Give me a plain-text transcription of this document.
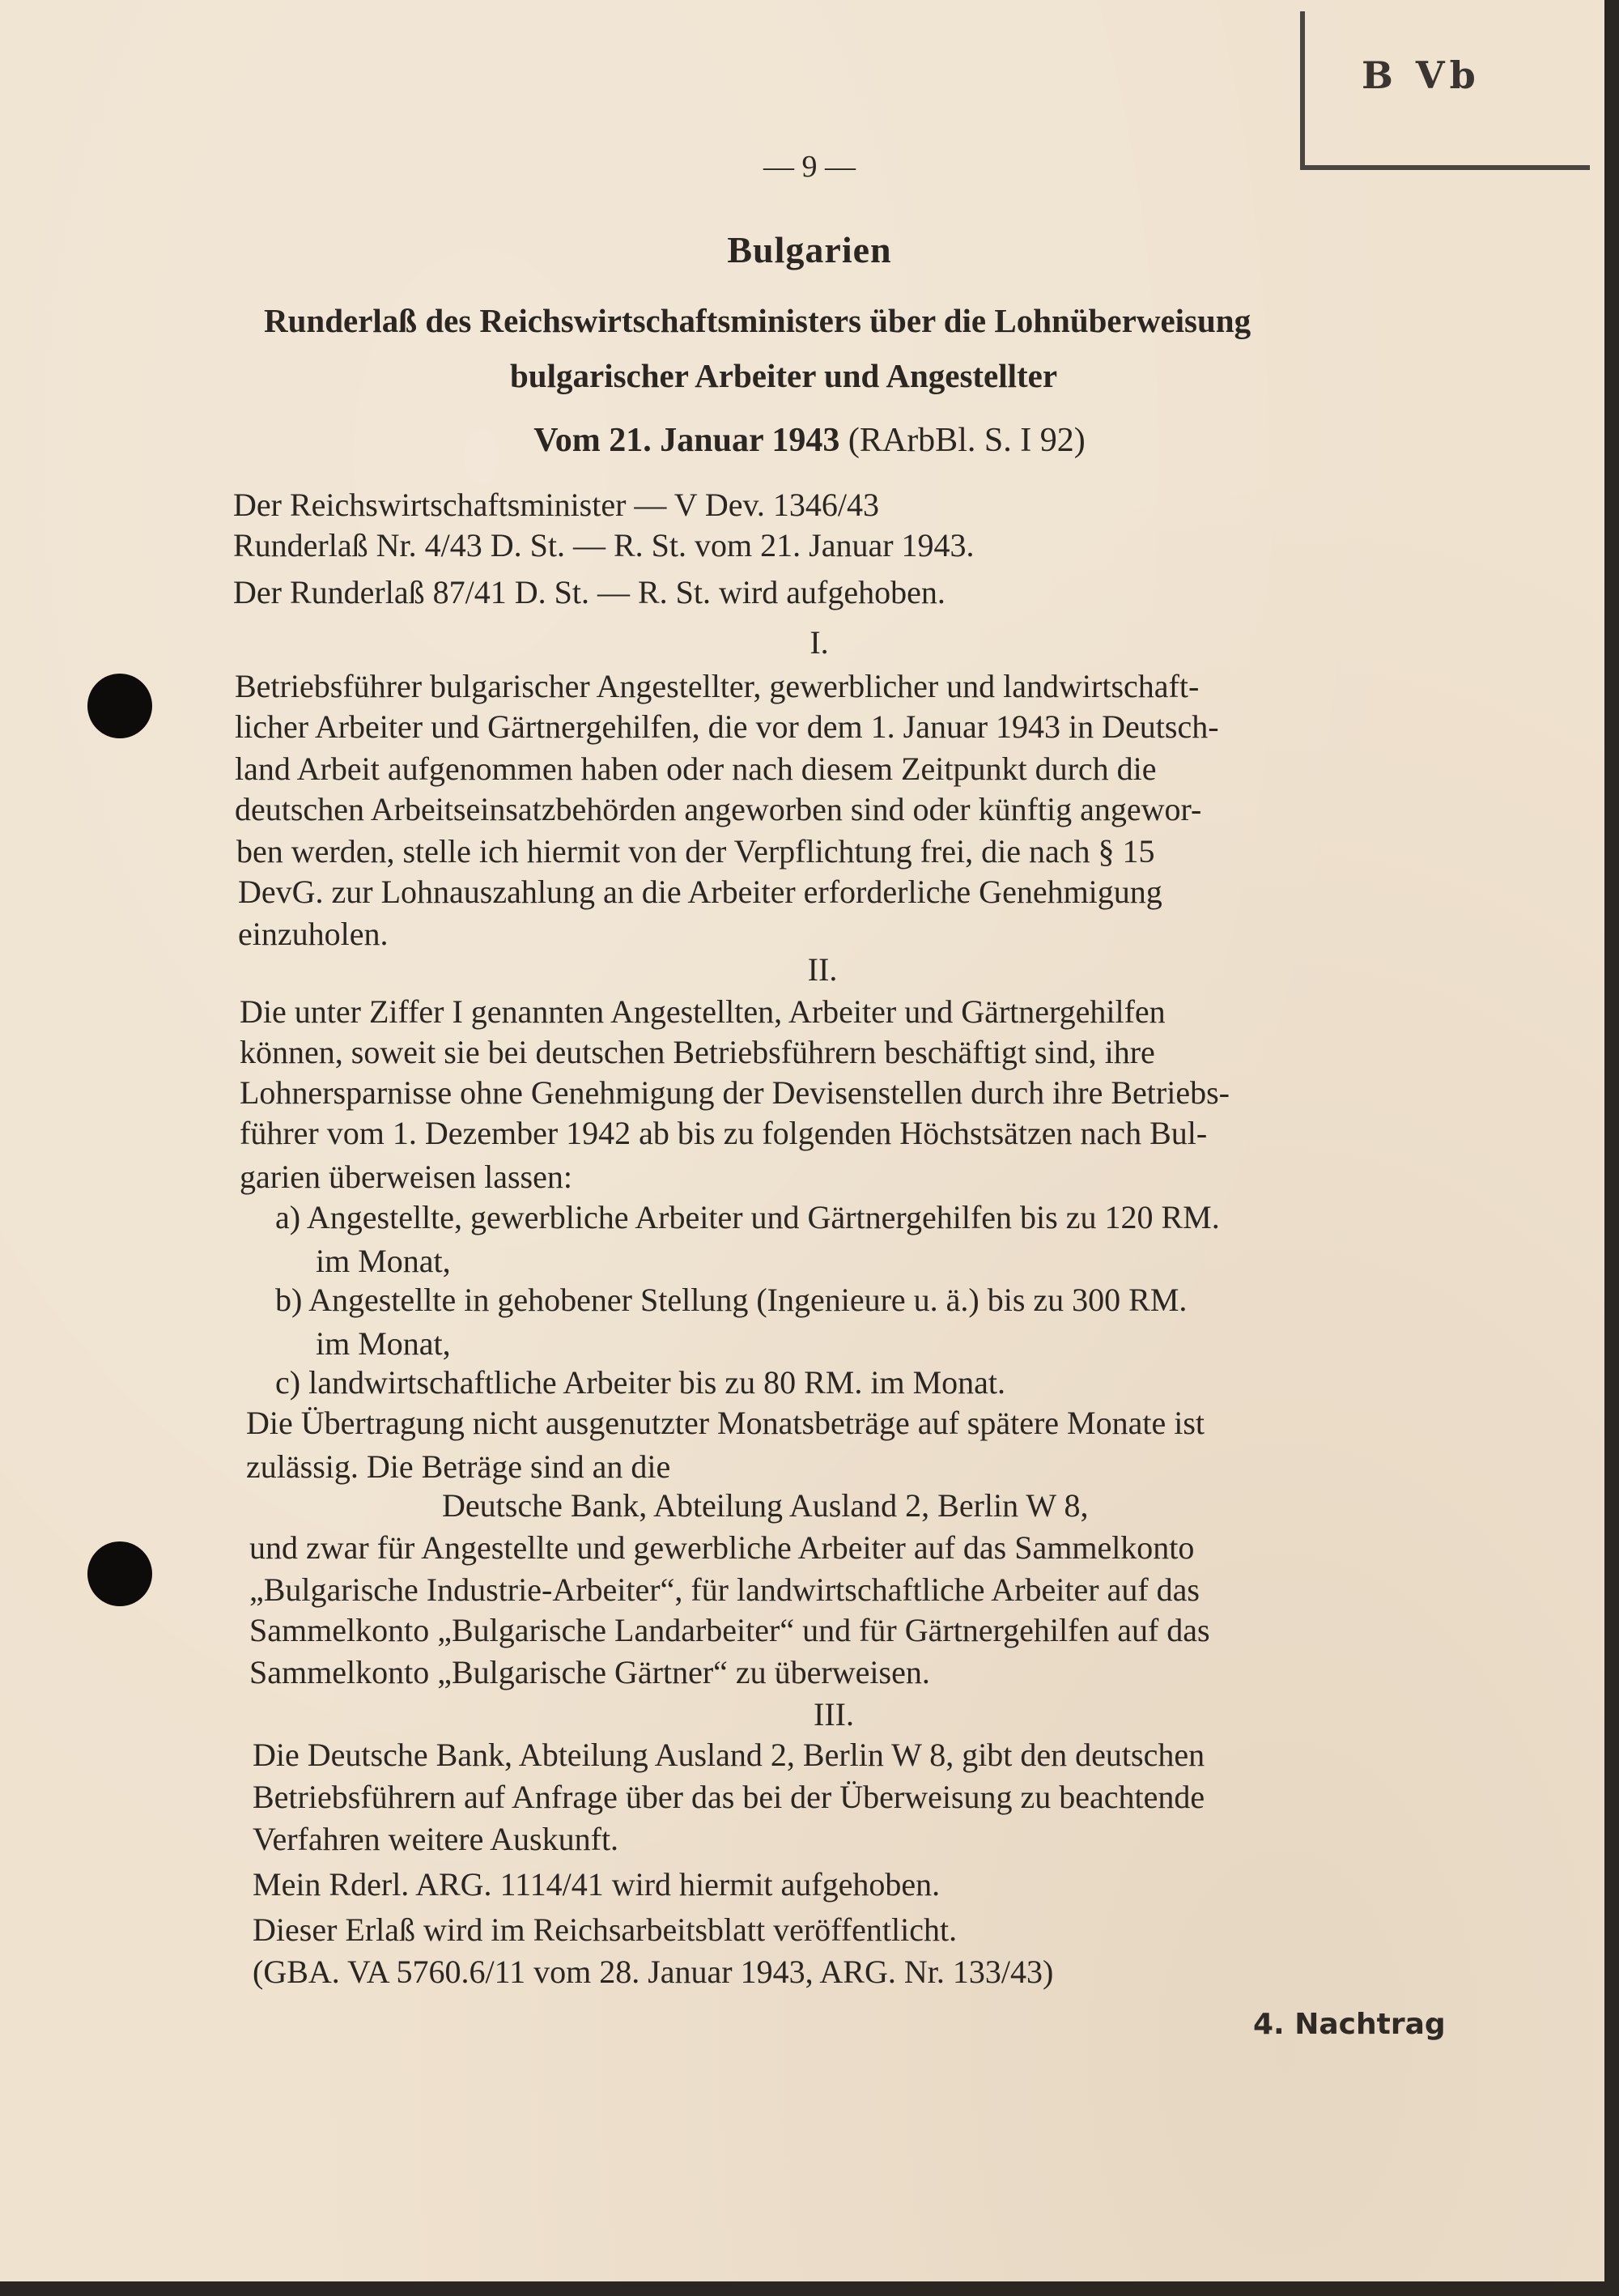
B Vb
— 9 —
Bulgarien
Runderlaß des Reichswirtschaftsministers über die Lohnüberweisung
bulgarischer Arbeiter und Angestellter
Vom 21. Januar 1943 (RArbBl. S. I 92)
Der Reichswirtschaftsminister — V Dev. 1346/43
Runderlaß Nr. 4/43 D. St. — R. St. vom 21. Januar 1943.
Der Runderlaß 87/41 D. St. — R. St. wird aufgehoben.
I.
Betriebsführer bulgarischer Angestellter, gewerblicher und landwirtschaft-
licher Arbeiter und Gärtnergehilfen, die vor dem 1. Januar 1943 in Deutsch-
land Arbeit aufgenommen haben oder nach diesem Zeitpunkt durch die
deutschen Arbeitseinsatzbehörden angeworben sind oder künftig angewor-
ben werden, stelle ich hiermit von der Verpflichtung frei, die nach § 15
DevG. zur Lohnauszahlung an die Arbeiter erforderliche Genehmigung
einzuholen.
II.
Die unter Ziffer I genannten Angestellten, Arbeiter und Gärtnergehilfen
können, soweit sie bei deutschen Betriebsführern beschäftigt sind, ihre
Lohnersparnisse ohne Genehmigung der Devisenstellen durch ihre Betriebs-
führer vom 1. Dezember 1942 ab bis zu folgenden Höchstsätzen nach Bul-
garien überweisen lassen:
a) Angestellte, gewerbliche Arbeiter und Gärtnergehilfen bis zu 120 RM.
im Monat,
b) Angestellte in gehobener Stellung (Ingenieure u. ä.) bis zu 300 RM.
im Monat,
c) landwirtschaftliche Arbeiter bis zu 80 RM. im Monat.
Die Übertragung nicht ausgenutzter Monatsbeträge auf spätere Monate ist
zulässig. Die Beträge sind an die
Deutsche Bank, Abteilung Ausland 2, Berlin W 8,
und zwar für Angestellte und gewerbliche Arbeiter auf das Sammelkonto
„Bulgarische Industrie-Arbeiter“, für landwirtschaftliche Arbeiter auf das
Sammelkonto „Bulgarische Landarbeiter“ und für Gärtnergehilfen auf das
Sammelkonto „Bulgarische Gärtner“ zu überweisen.
III.
Die Deutsche Bank, Abteilung Ausland 2, Berlin W 8, gibt den deutschen
Betriebsführern auf Anfrage über das bei der Überweisung zu beachtende
Verfahren weitere Auskunft.
Mein Rderl. ARG. 1114/41 wird hiermit aufgehoben.
Dieser Erlaß wird im Reichsarbeitsblatt veröffentlicht.
(GBA. VA 5760.6/11 vom 28. Januar 1943, ARG. Nr. 133/43)
4. Nachtrag
